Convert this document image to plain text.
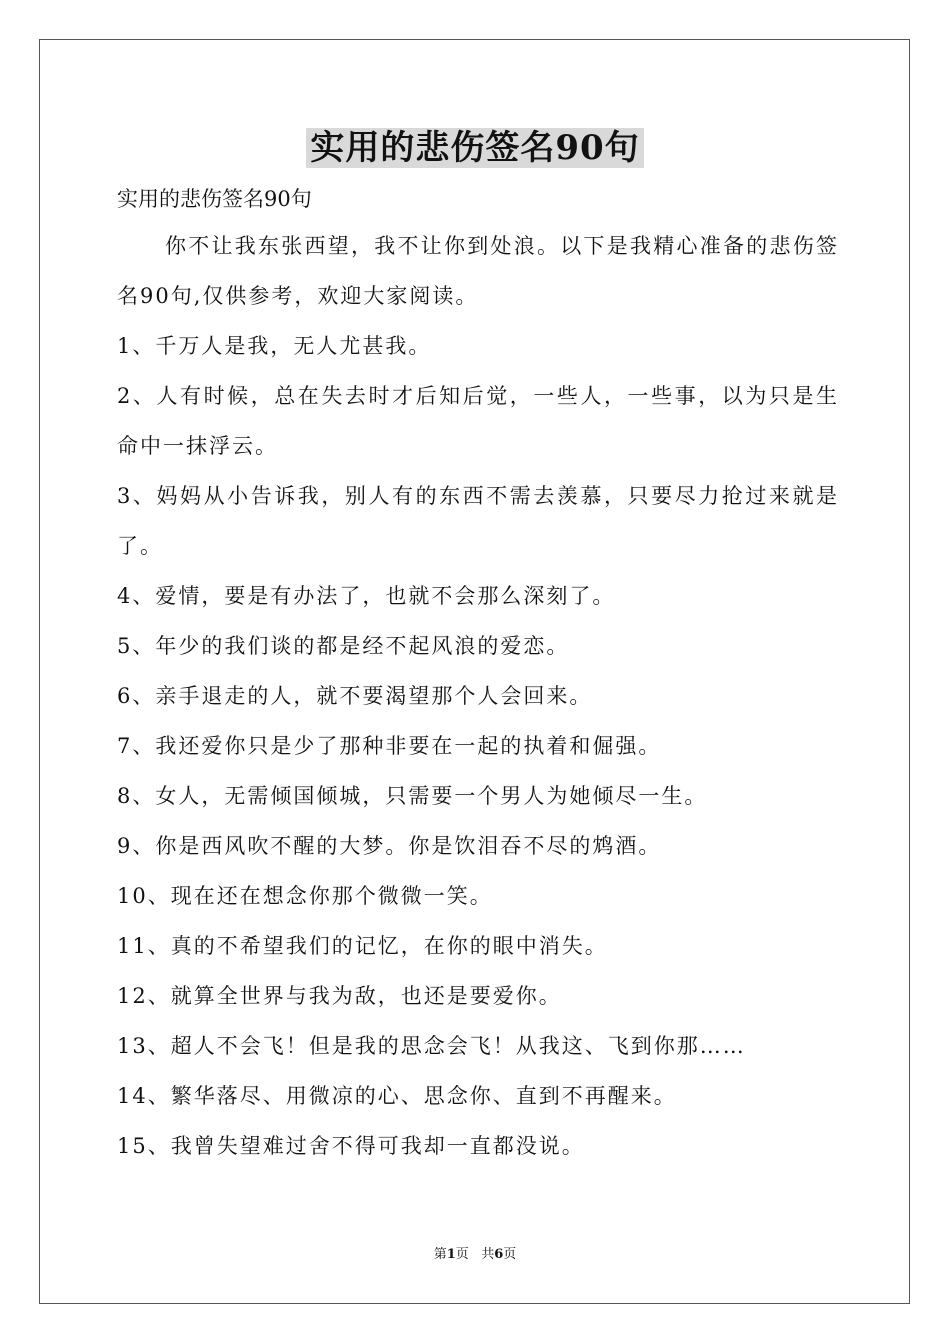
实用的悲伤签名90句
实用的悲伤签名90句
你不让我东张西望，我不让你到处浪。以下是我精心准备的悲伤签名90句,仅供参考，欢迎大家阅读。
1、千万人是我，无人尤甚我。
2、人有时候，总在失去时才后知后觉，一些人，一些事，以为只是生命中一抹浮云。
3、妈妈从小告诉我，别人有的东西不需去羡慕，只要尽力抢过来就是了。
4、爱情，要是有办法了，也就不会那么深刻了。
5、年少的我们谈的都是经不起风浪的爱恋。
6、亲手退走的人，就不要渴望那个人会回来。
7、我还爱你只是少了那种非要在一起的执着和倔强。
8、女人，无需倾国倾城，只需要一个男人为她倾尽一生。
9、你是西风吹不醒的大梦。你是饮泪吞不尽的鸩酒。
10、现在还在想念你那个微微一笑。
11、真的不希望我们的记忆，在你的眼中消失。
12、就算全世界与我为敌，也还是要爱你。
13、超人不会飞！但是我的思念会飞！从我这、飞到你那……
14、繁华落尽、用微凉的心、思念你、直到不再醒来。
15、我曾失望难过舍不得可我却一直都没说。
第1页 共6页
